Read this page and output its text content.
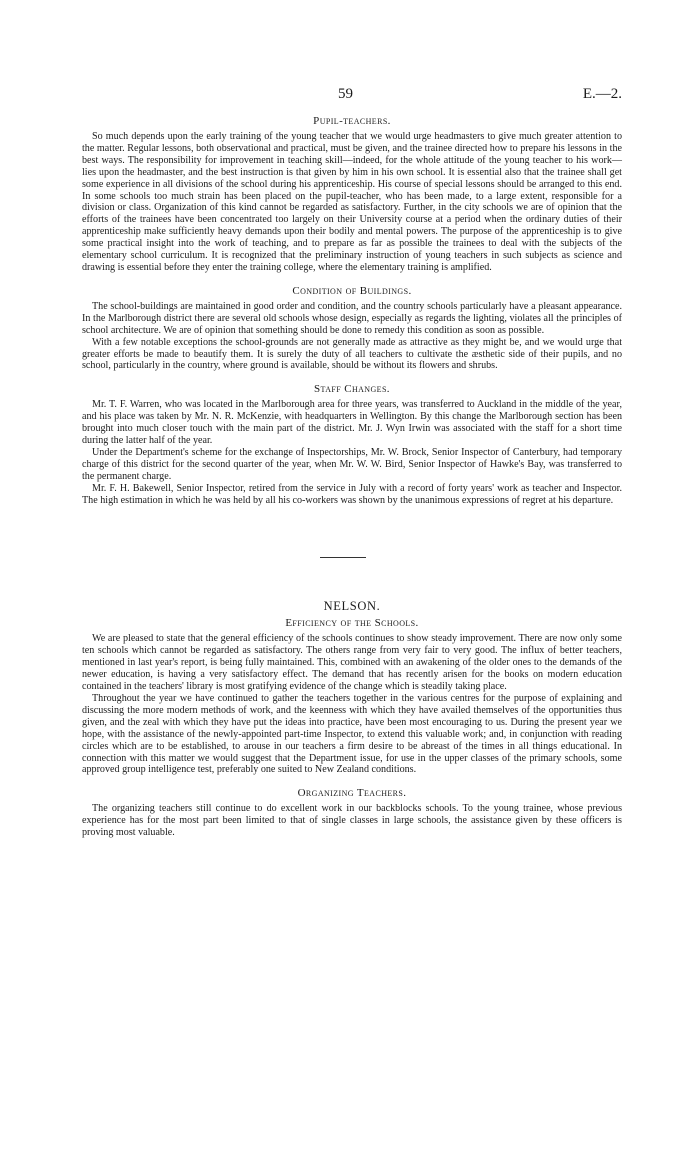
59	E.—2.
Pupil-teachers.

So much depends upon the early training of the young teacher that we would urge headmasters to give much greater attention to the matter. Regular lessons, both observational and practical, must be given, and the trainee directed how to prepare his lessons in the best ways. The responsibility for improvement in teaching skill—indeed, for the whole attitude of the young teacher to his work—lies upon the headmaster, and the best instruction is that given by him in his own school. It is essential also that the trainee shall get some experience in all divisions of the school during his apprenticeship. His course of special lessons should be arranged to this end. In some schools too much strain has been placed on the pupil-teacher, who has been made, to a large extent, responsible for a division or class. Organization of this kind cannot be regarded as satisfactory. Further, in the city schools we are of opinion that the efforts of the trainees have been concentrated too largely on their University course at a period when the ordinary duties of their apprenticeship make sufficiently heavy demands upon their bodily and mental powers. The purpose of the apprenticeship is to give some practical insight into the work of teaching, and to prepare as far as possible the trainees to deal with the subjects of the elementary school curriculum. It is recognized that the preliminary instruction of young teachers in such subjects as science and drawing is essential before they enter the training college, where the elementary training is amplified.

Condition of Buildings.

The school-buildings are maintained in good order and condition, and the country schools particularly have a pleasant appearance. In the Marlborough district there are several old schools whose design, especially as regards the lighting, violates all the principles of school architecture. We are of opinion that something should be done to remedy this condition as soon as possible.

With a few notable exceptions the school-grounds are not generally made as attractive as they might be, and we would urge that greater efforts be made to beautify them. It is surely the duty of all teachers to cultivate the æsthetic side of their pupils, and no school, particularly in the country, where ground is available, should be without its flowers and shrubs.

Staff Changes.

Mr. T. F. Warren, who was located in the Marlborough area for three years, was transferred to Auckland in the middle of the year, and his place was taken by Mr. N. R. McKenzie, with headquarters in Wellington. By this change the Marlborough section has been brought into much closer touch with the main part of the district. Mr. J. Wyn Irwin was associated with the staff for a short time during the latter half of the year.

Under the Department's scheme for the exchange of Inspectorships, Mr. W. Brock, Senior Inspector of Canterbury, had temporary charge of this district for the second quarter of the year, when Mr. W. W. Bird, Senior Inspector of Hawke's Bay, was transferred to the permanent charge.

Mr. F. H. Bakewell, Senior Inspector, retired from the service in July with a record of forty years' work as teacher and Inspector. The high estimation in which he was held by all his co-workers was shown by the unanimous expressions of regret at his departure.

NELSON.
Efficiency of the Schools.

We are pleased to state that the general efficiency of the schools continues to show steady improvement. There are now only some ten schools which cannot be regarded as satisfactory. The others range from very fair to very good. The influx of better teachers, mentioned in last year's report, is being fully maintained. This, combined with an awakening of the older ones to the demands of the newer education, is having a very satisfactory effect. The demand that has recently arisen for the books on modern education contained in the teachers' library is most gratifying evidence of the change which is steadily taking place.

Throughout the year we have continued to gather the teachers together in the various centres for the purpose of explaining and discussing the more modern methods of work, and the keenness with which they have availed themselves of the opportunities thus given, and the zeal with which they have put the ideas into practice, have been most encouraging to us. During the present year we hope, with the assistance of the newly-appointed part-time Inspector, to extend this valuable work; and, in conjunction with reading circles which are to be established, to arouse in our teachers a firm desire to be abreast of the times in all things educational. In connection with this matter we would suggest that the Department issue, for use in the upper classes of the primary schools, some approved group intelligence test, preferably one suited to New Zealand conditions.

Organizing Teachers.

The organizing teachers still continue to do excellent work in our backblocks schools. To the young trainee, whose previous experience has for the most part been limited to that of single classes in large schools, the assistance given by these officers is proving most valuable.
